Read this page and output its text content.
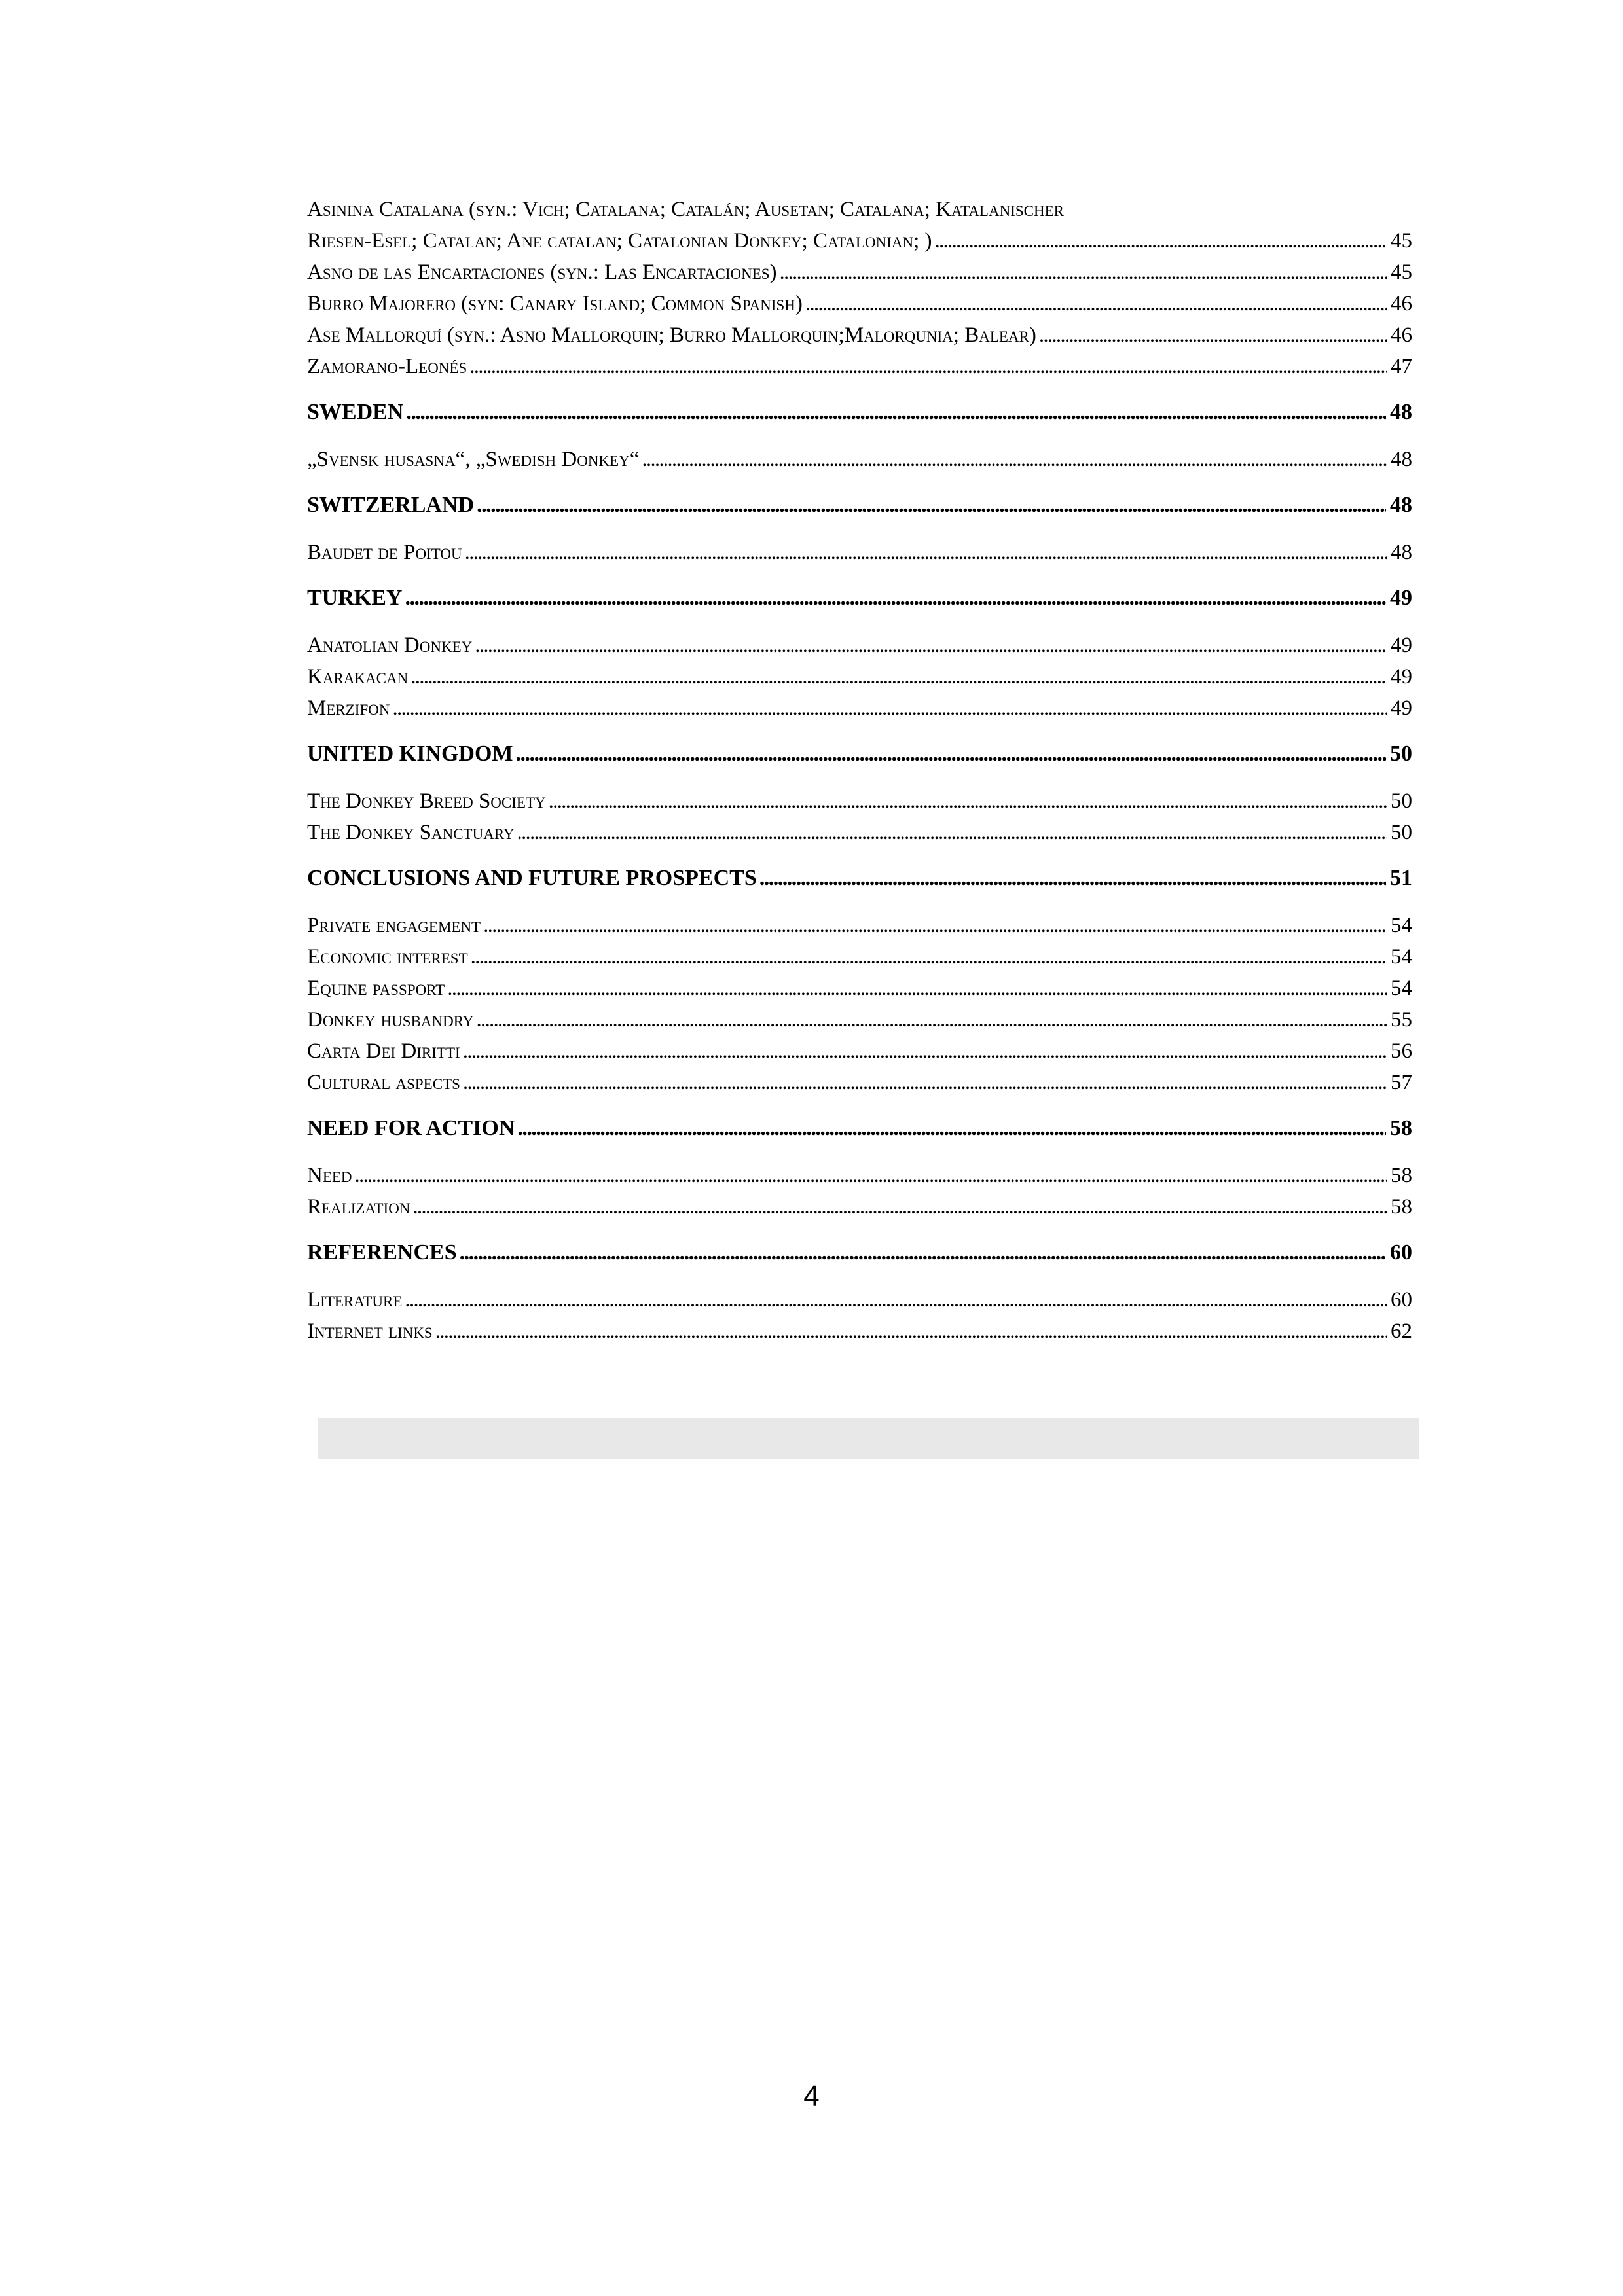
Asinina Catalana (syn.: Vich; Catalana; Catalán; Ausetan; Catalana; Katalanischer
Riesen-Esel; Catalan; Ane catalan; Catalonian Donkey; Catalonian; ) . . .	45
Asno de las Encartaciones (syn.: Las Encartaciones) . . .	45
Burro Majorero (syn: Canary Island; Common Spanish) . . .	46
Ase Mallorquí (syn.: Asno Mallorquin; Burro Mallorquin;Malorqunia; Balear) . . .	46
Zamorano-Leonés . . .	47
SWEDEN . . .	48
„Svensk husasna“, „Swedish Donkey“ . . .	48
SWITZERLAND . . .	48
Baudet de Poitou . . .	48
TURKEY . . .	49
Anatolian Donkey . . .	49
Karakacan . . .	49
Merzifon . . .	49
UNITED KINGDOM . . .	50
The Donkey Breed Society . . .	50
The Donkey Sanctuary . . .	50
CONCLUSIONS AND FUTURE PROSPECTS . . .	51
Private engagement . . .	54
Economic interest . . .	54
Equine passport . . .	54
Donkey husbandry . . .	55
Carta Dei Diritti . . .	56
Cultural aspects . . .	57
NEED FOR ACTION . . .	58
Need . . .	58
Realization . . .	58
REFERENCES . . .	60
Literature . . .	60
Internet links . . .	62
4
